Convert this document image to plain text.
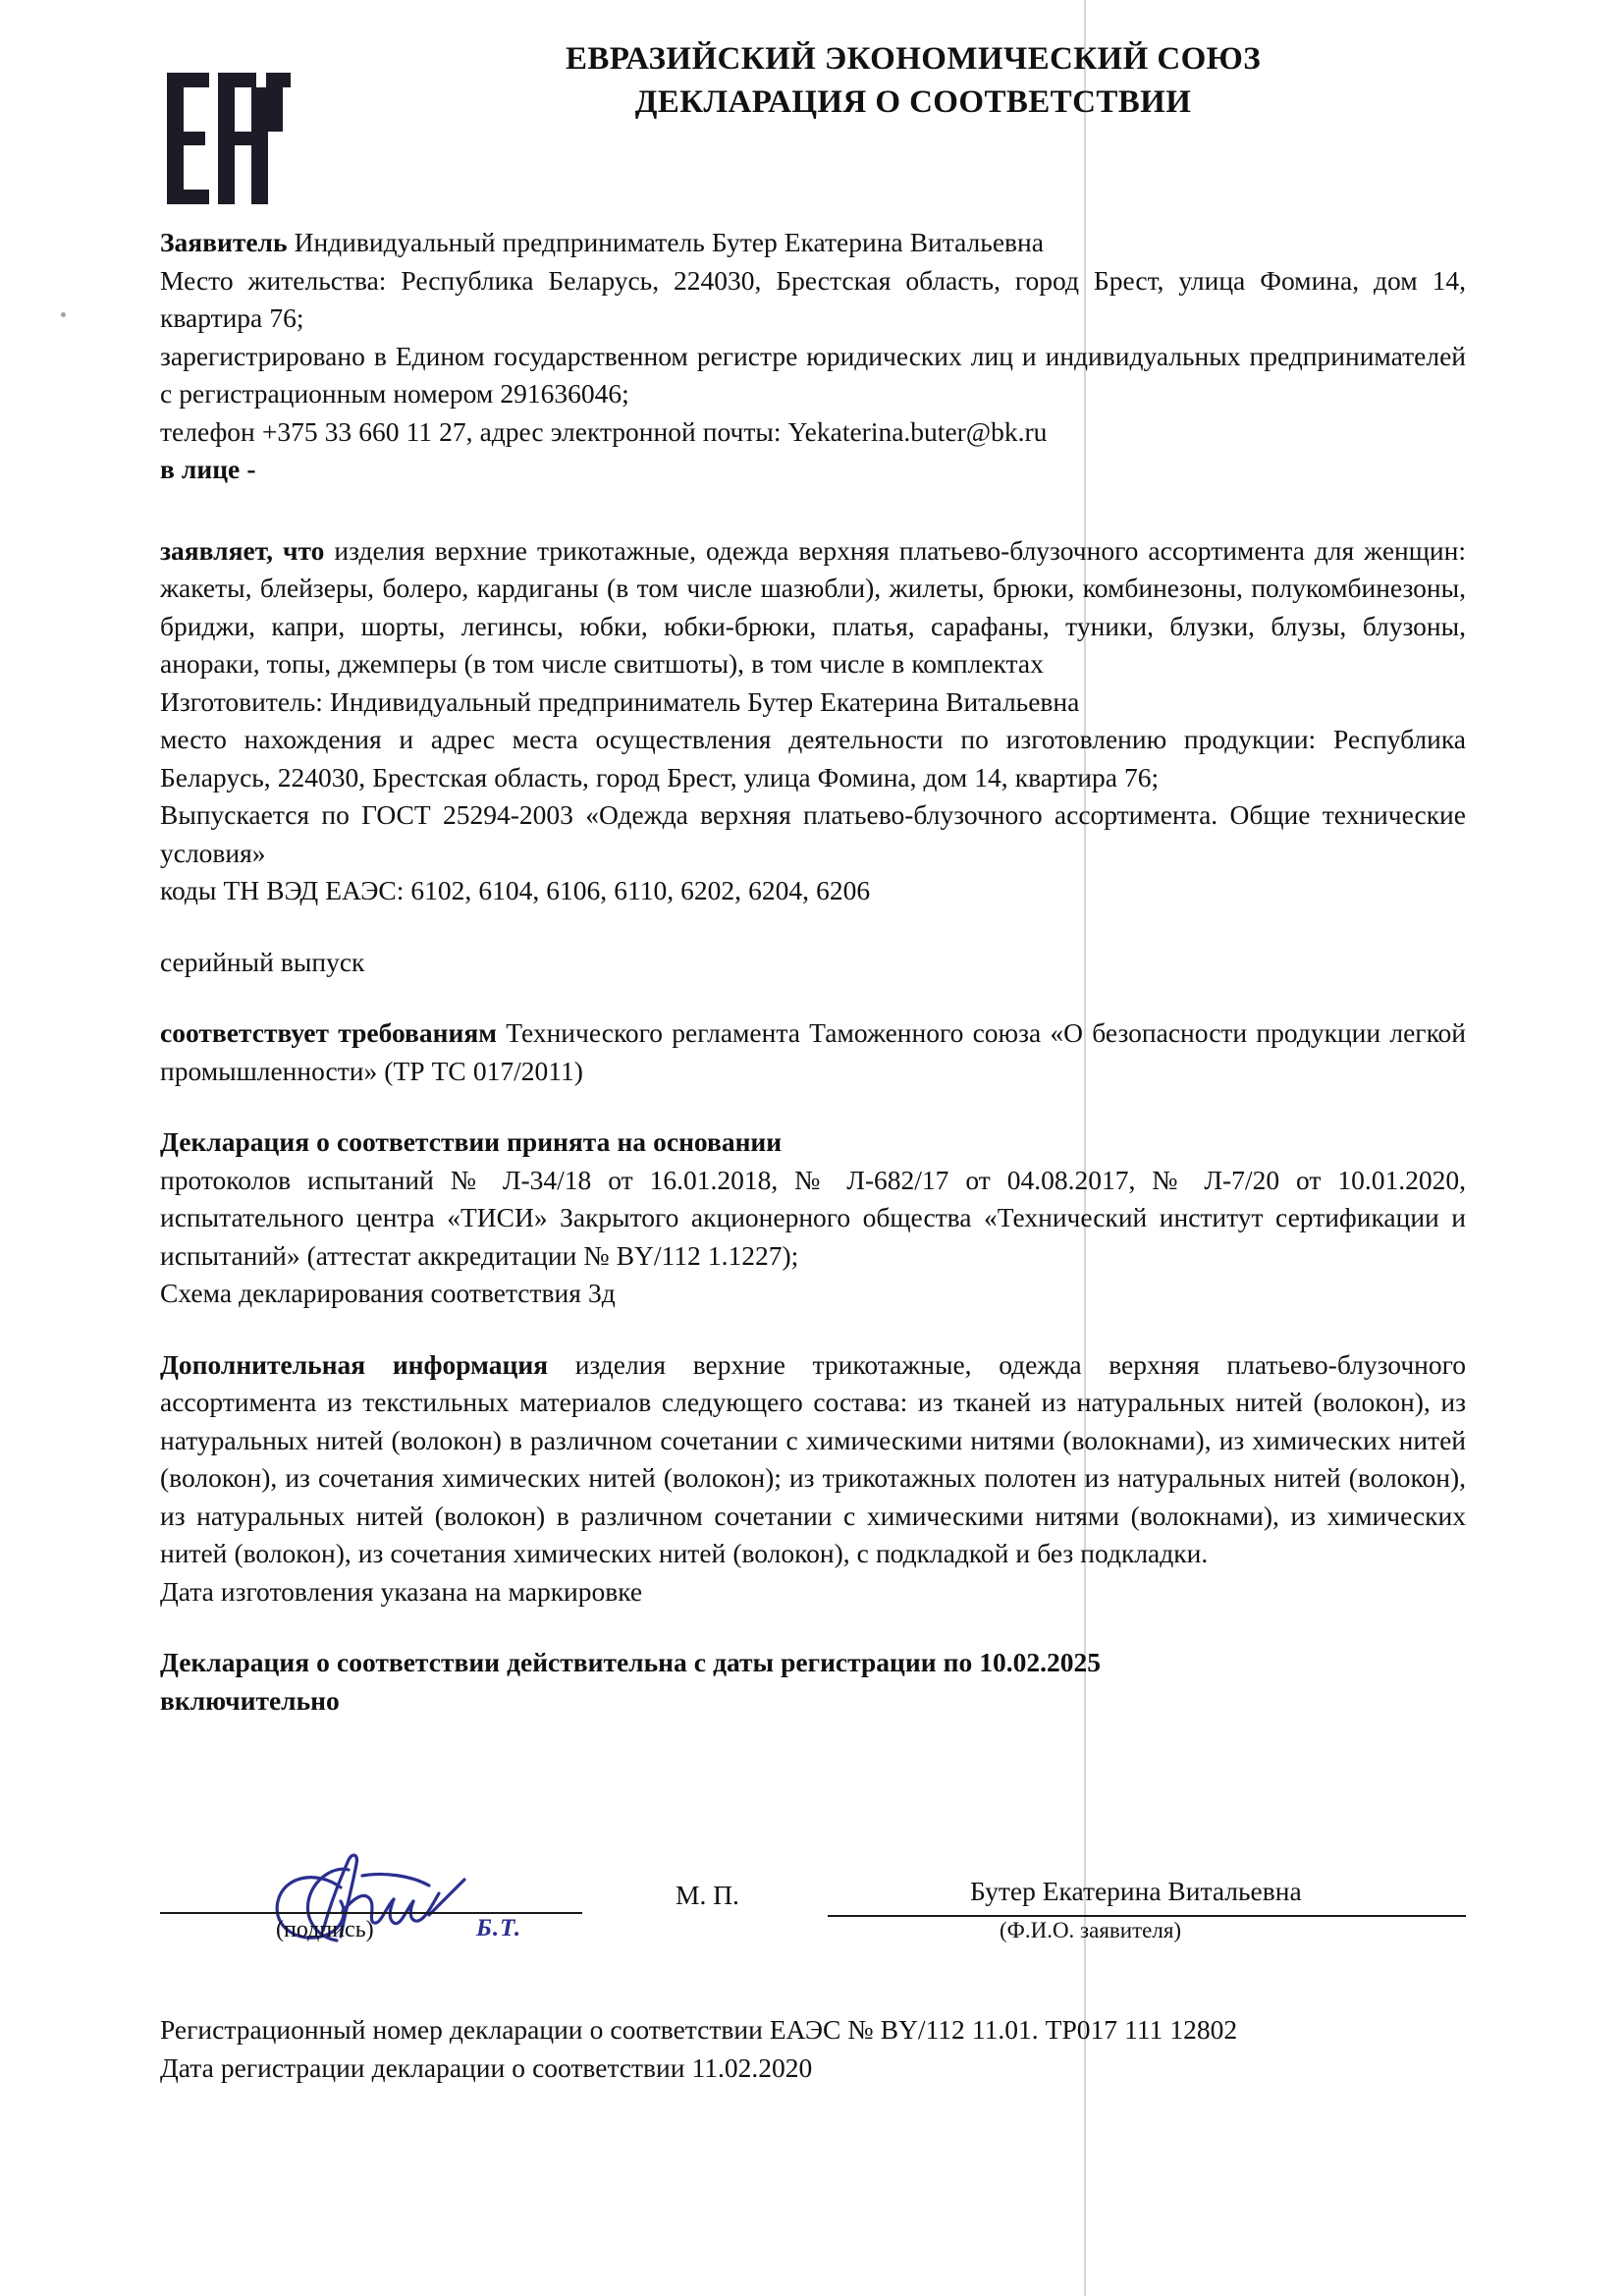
ЕВРАЗИЙСКИЙ ЭКОНОМИЧЕСКИЙ СОЮЗ
ДЕКЛАРАЦИЯ О СООТВЕТСТВИИ

Заявитель Индивидуальный предприниматель Бутер Екатерина Витальевна

Место жительства: Республика Беларусь, 224030, Брестская область, город Брест, улица Фомина, дом 14, квартира 76;

зарегистрировано в Едином государственном регистре юридических лиц и индивидуальных предпринимателей с регистрационным номером 291636046;

телефон +375 33 660 11 27, адрес электронной почты: Yekaterina.buter@bk.ru

в лице -

заявляет, что изделия верхние трикотажные, одежда верхняя платьево-блузочного ассортимента для женщин: жакеты, блейзеры, болеро, кардиганы (в том числе шазюбли), жилеты, брюки, комбинезоны, полукомбинезоны, бриджи, капри, шорты, легинсы, юбки, юбки-брюки, платья, сарафаны, туники, блузки, блузы, блузоны, анораки, топы, джемперы (в том числе свитшоты), в том числе в комплектах

Изготовитель: Индивидуальный предприниматель Бутер Екатерина Витальевна

место нахождения и адрес места осуществления деятельности по изготовлению продукции: Республика Беларусь, 224030, Брестская область, город Брест, улица Фомина, дом 14, квартира 76;

Выпускается по ГОСТ 25294-2003 «Одежда верхняя платьево-блузочного ассортимента. Общие технические условия»

коды ТН ВЭД ЕАЭС: 6102, 6104, 6106, 6110, 6202, 6204, 6206

серийный выпуск

соответствует требованиям Технического регламента Таможенного союза «О безопасности продукции легкой промышленности» (ТР ТС 017/2011)

Декларация о соответствии принята на основании

протоколов испытаний № Л-34/18 от 16.01.2018, № Л-682/17 от 04.08.2017, № Л-7/20 от 10.01.2020, испытательного центра «ТИСИ» Закрытого акционерного общества «Технический институт сертификации и испытаний» (аттестат аккредитации № BY/112 1.1227);

Схема декларирования соответствия 3д

Дополнительная информация изделия верхние трикотажные, одежда верхняя платьево-блузочного ассортимента из текстильных материалов следующего состава: из тканей из натуральных нитей (волокон), из натуральных нитей (волокон) в различном сочетании с химическими нитями (волокнами), из химических нитей (волокон), из сочетания химических нитей (волокон); из трикотажных полотен из натуральных нитей (волокон), из натуральных нитей (волокон) в различном сочетании с химическими нитями (волокнами), из химических нитей (волокон), из сочетания химических нитей (волокон), с подкладкой и без подкладки.

Дата изготовления указана на маркировке

Декларация о соответствии действительна с даты регистрации по 10.02.2025

включительно

(подпись)	Б.Т.
М. П.	Бутер Екатерина Витальевна
(Ф.И.О. заявителя)

Регистрационный номер декларации о соответствии ЕАЭС № BY/112 11.01. ТР017 111 12802

Дата регистрации декларации о соответствии 11.02.2020
